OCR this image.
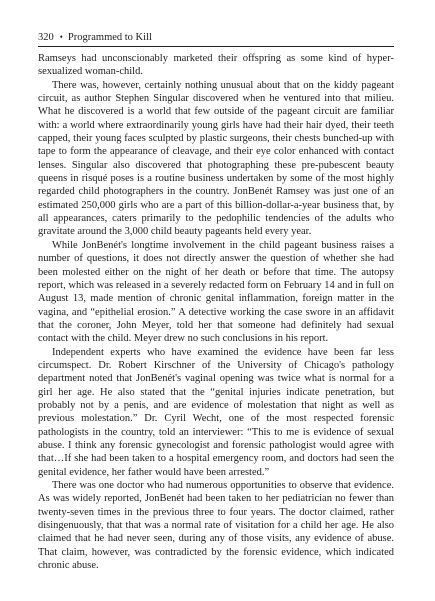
320 • Programmed to Kill

Ramseys had unconscionably marketed their offspring as some kind of hyper-sexualized woman-child.

There was, however, certainly nothing unusual about that on the kiddy pageant circuit, as author Stephen Singular discovered when he ventured into that milieu. What he discovered is a world that few outside of the pageant circuit are familiar with: a world where extraordinarily young girls have had their hair dyed, their teeth capped, their young faces sculpted by plastic surgeons, their chests bunched-up with tape to form the appearance of cleavage, and their eye color enhanced with contact lenses. Singular also discovered that photographing these pre-pubescent beauty queens in risqué poses is a routine business undertaken by some of the most highly regarded child photographers in the country. JonBenét Ramsey was just one of an estimated 250,000 girls who are a part of this billion-dollar-a-year business that, by all appearances, caters primarily to the pedophilic tendencies of the adults who gravitate around the 3,000 child beauty pageants held every year.

While JonBenét's longtime involvement in the child pageant business raises a number of questions, it does not directly answer the question of whether she had been molested either on the night of her death or before that time. The autopsy report, which was released in a severely redacted form on February 14 and in full on August 13, made mention of chronic genital inflammation, foreign matter in the vagina, and “epithelial erosion.” A detective working the case swore in an affidavit that the coroner, John Meyer, told her that someone had definitely had sexual contact with the child. Meyer drew no such conclusions in his report.

Independent experts who have examined the evidence have been far less circumspect. Dr. Robert Kirschner of the University of Chicago's pathology department noted that JonBenét's vaginal opening was twice what is normal for a girl her age. He also stated that the “genital injuries indicate penetration, but probably not by a penis, and are evidence of molestation that night as well as previous molestation.” Dr. Cyril Wecht, one of the most respected forensic pathologists in the country, told an interviewer: “This to me is evidence of sexual abuse. I think any forensic gynecologist and forensic pathologist would agree with that…If she had been taken to a hospital emergency room, and doctors had seen the genital evidence, her father would have been arrested.”

There was one doctor who had numerous opportunities to observe that evidence. As was widely reported, JonBenét had been taken to her pediatrician no fewer than twenty-seven times in the previous three to four years. The doctor claimed, rather disingenuously, that that was a normal rate of visitation for a child her age. He also claimed that he had never seen, during any of those visits, any evidence of abuse. That claim, however, was contradicted by the forensic evidence, which indicated chronic abuse.
